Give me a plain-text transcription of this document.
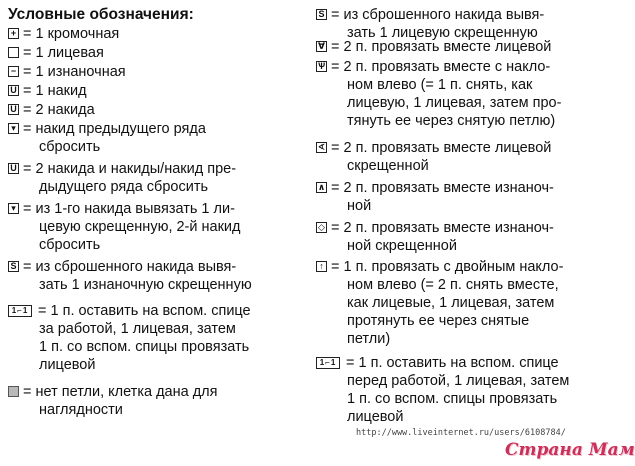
Условные обозначения:
+ = 1 кромочная
= 1 лицевая
− = 1 изнаночная
U = 1 накид
Ü = 2 накида
▾ = накид предыдущего ряда
сбросить
Ü = 2 накида и накиды/накид пре-
дыдущего ряда сбросить
▾ = из 1-го накида вывязать 1 ли-
цевую скрещенную, 2-й накид
сбросить
Ѕ = из сброшенного накида вывя-
зать 1 изнаночную скрещенную
1⌐1 = 1 п. оставить на вспом. спице
за работой, 1 лицевая, затем
1 п. со вспом. спицы провязать
лицевой
= нет петли, клетка дана для
наглядности
Ѕ = из сброшенного накида вывя-
зать 1 лицевую скрещенную
∀ = 2 п. провязать вместе лицевой
Ѱ = 2 п. провязать вместе с накло-
ном влево (= 1 п. снять, как
лицевую, 1 лицевая, затем про-
тянуть ее через снятую петлю)
∢ = 2 п. провязать вместе лицевой
скрещенной
∧ = 2 п. провязать вместе изнаноч-
ной
◇ = 2 п. провязать вместе изнаноч-
ной скрещенной
↑ = 1 п. провязать с двойным накло-
ном влево (= 2 п. снять вместе,
как лицевые, 1 лицевая, затем
протянуть ее через снятые
петли)
1⌐1 = 1 п. оставить на вспом. спице
перед работой, 1 лицевая, затем
1 п. со вспом. спицы провязать
лицевой
http://www.liveinternet.ru/users/6108784/
Страна Мам
